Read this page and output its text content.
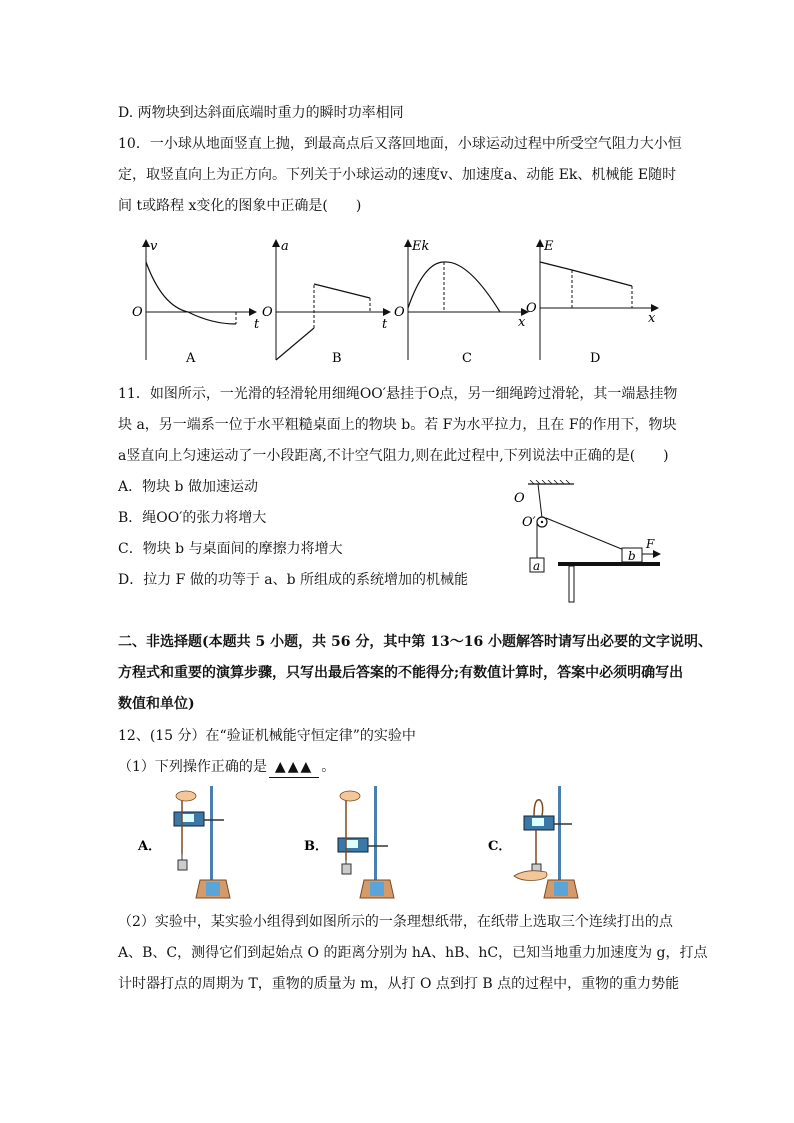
D. 两物块到达斜面底端时重力的瞬时功率相同
10．一小球从地面竖直上抛，到最高点后又落回地面，小球运动过程中所受空气阻力大小恒
定，取竖直向上为正方向。下列关于小球运动的速度v、加速度a、动能 Ek、机械能 E随时
间 t或路程 x变化的图象中正确是(　　)
v
t
O
A
a
t
O
B
Ek
x
O
C
E
x
O
D
11．如图所示，一光滑的轻滑轮用细绳OO′悬挂于O点，另一细绳跨过滑轮，其一端悬挂物
块 a，另一端系一位于水平粗糙桌面上的物块 b。若 F为水平拉力，且在 F的作用下，物块
a竖直向上匀速运动了一小段距离,不计空气阻力,则在此过程中,下列说法中正确的是(　　)
A．物块 b 做加速运动
B．绳OO′的张力将增大
C．物块 b 与桌面间的摩擦力将增大
D．拉力 F 做的功等于 a、b 所组成的系统增加的机械能
O
O′
a
b
F
二、非选择题(本题共 5 小题，共 56 分，其中第 13～16 小题解答时请写出必要的文字说明、
方程式和重要的演算步骤，只写出最后答案的不能得分;有数值计算时，答案中必须明确写出
数值和单位)
12、(15 分）在“验证机械能守恒定律”的实验中
（1）下列操作正确的是 ▲▲▲ 。
A．	B．	C．
（2）实验中，某实验小组得到如图所示的一条理想纸带，在纸带上选取三个连续打出的点
A、B、C，测得它们到起始点 O 的距离分别为 hA、hB、hC，已知当地重力加速度为 g，打点
计时器打点的周期为 T，重物的质量为 m，从打 O 点到打 B 点的过程中，重物的重力势能
